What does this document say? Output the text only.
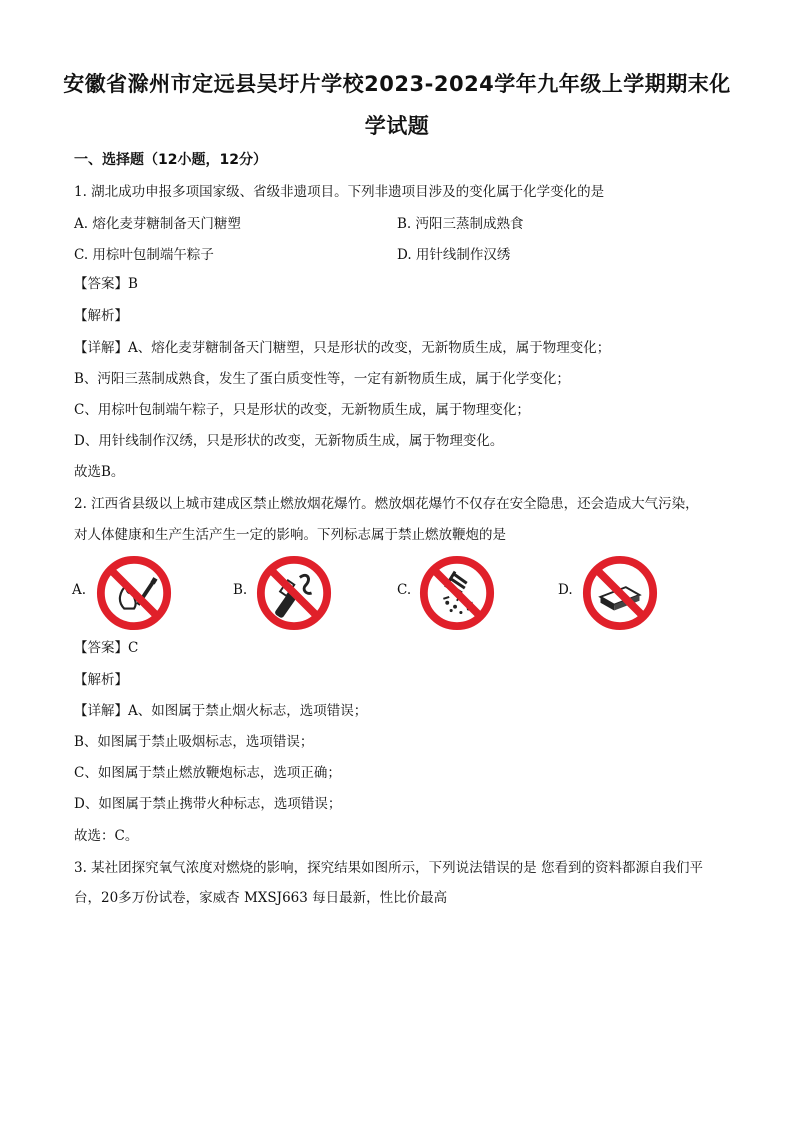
安徽省滁州市定远县吴圩片学校2023-2024学年九年级上学期期末化
学试题
一、选择题（12小题，12分）
1. 湖北成功申报多项国家级、省级非遗项目。下列非遗项目涉及的变化属于化学变化的是
A. 熔化麦芽糖制备天门糖塑	B. 沔阳三蒸制成熟食
C. 用棕叶包制端午粽子	D. 用针线制作汉绣
【答案】B
【解析】
【详解】A、熔化麦芽糖制备天门糖塑，只是形状的改变，无新物质生成，属于物理变化；
B、沔阳三蒸制成熟食，发生了蛋白质变性等，一定有新物质生成，属于化学变化；
C、用棕叶包制端午粽子，只是形状的改变，无新物质生成，属于物理变化；
D、用针线制作汉绣，只是形状的改变，无新物质生成，属于物理变化。
故选B。
2. 江西省县级以上城市建成区禁止燃放烟花爆竹。燃放烟花爆竹不仅存在安全隐患，还会造成大气污染，
对人体健康和生产生活产生一定的影响。下列标志属于禁止燃放鞭炮的是
A.	B.	C.	D.
【答案】C
【解析】
【详解】A、如图属于禁止烟火标志，选项错误；
B、如图属于禁止吸烟标志，选项错误；
C、如图属于禁止燃放鞭炮标志，选项正确；
D、如图属于禁止携带火种标志，选项错误；
故选：C。
3. 某社团探究氧气浓度对燃烧的影响，探究结果如图所示，下列说法错误的是 您看到的资料都源自我们平
台，20多万份试卷，家威杏 MXSJ663 每日最新，性比价最高
